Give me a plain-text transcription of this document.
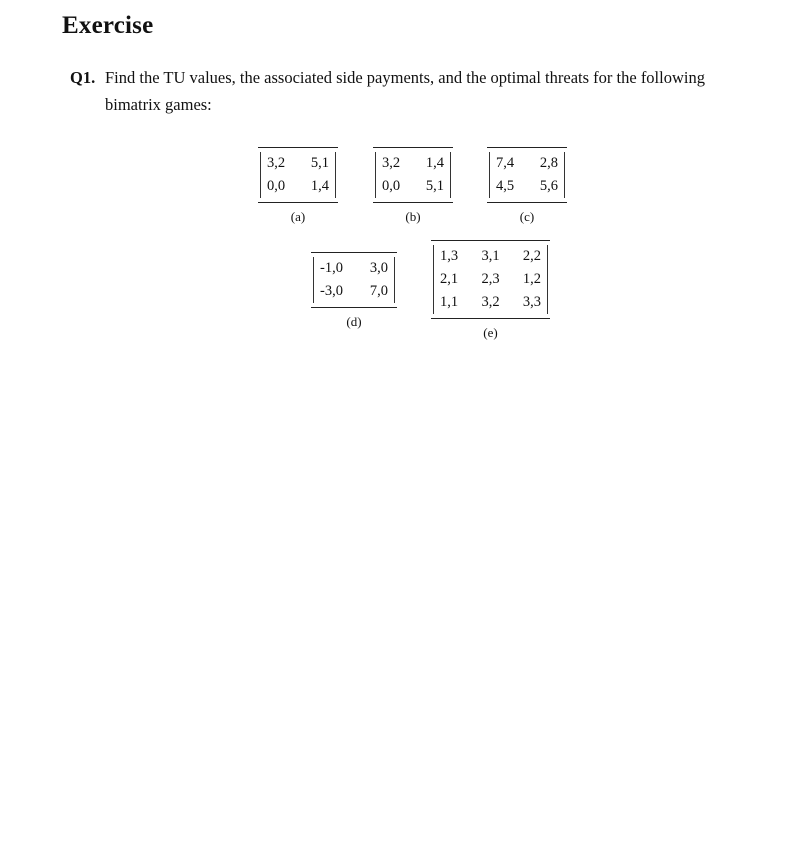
Exercise
Q1. Find the TU values, the associated side payments, and the optimal threats for the following
bimatrix games:
3,2 5,1
0,0 1,4
(a)
3,2 1,4
0,0 5,1
(b)
7,4 2,8
4,5 5,6
(c)
-1,0 3,0
-3,0 7,0
(d)
1,3 3,1 2,2
2,1 2,3 1,2
1,1 3,2 3,3
(e)
